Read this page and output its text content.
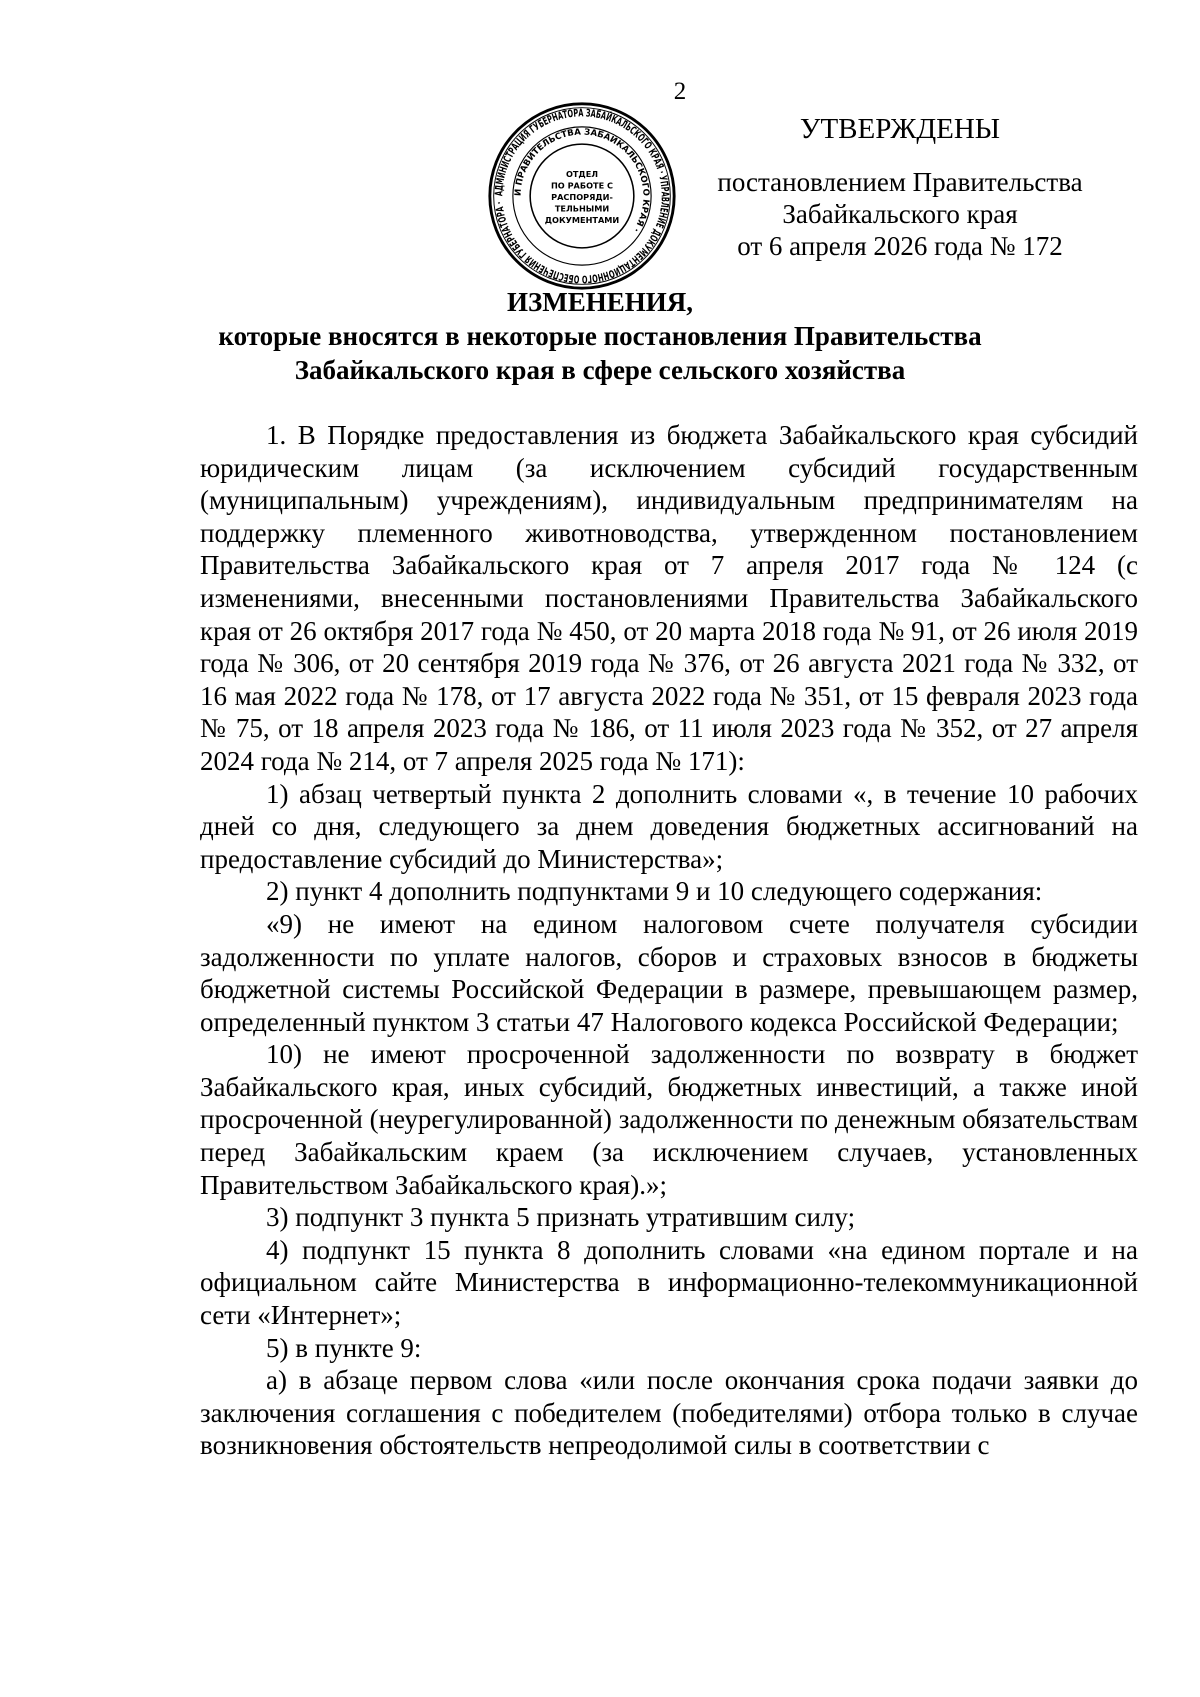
2
АДМИНИСТРАЦИЯ ГУБЕРНАТОРА ЗАБАЙКАЛЬСКОГО КРАЯ · УПРАВЛЕНИЕ ДОКУМЕНТАЦИОННОГО ОБЕСПЕЧЕНИЯ ГУБЕРНАТОРА ·
И ПРАВИТЕЛЬСТВА ЗАБАЙКАЛЬСКОГО КРАЯ ·
ОТДЕЛ
ПО РАБОТЕ С
РАСПОРЯДИ-
ТЕЛЬНЫМИ
ДОКУМЕНТАМИ
УТВЕРЖДЕНЫ
постановлением Правительства
Забайкальского края
от 6 апреля 2026 года № 172
ИЗМЕНЕНИЯ,
которые вносятся в некоторые постановления Правительства
Забайкальского края в сфере сельского хозяйства

1. В Порядке предоставления из бюджета Забайкальского края субсидий юридическим лицам (за исключением субсидий государственным (муниципальным) учреждениям), индивидуальным предпринимателям на поддержку племенного животноводства, утвержденном постановлением Правительства Забайкальского края от 7 апреля 2017 года № 124 (с изменениями, внесенными постановлениями Правительства Забайкальского края от 26 октября 2017 года № 450, от 20 марта 2018 года № 91, от 26 июля 2019 года № 306, от 20 сентября 2019 года № 376, от 26 августа 2021 года № 332, от 16 мая 2022 года № 178, от 17 августа 2022 года № 351, от 15 февраля 2023 года № 75, от 18 апреля 2023 года № 186, от 11 июля 2023 года № 352, от 27 апреля 2024 года № 214, от 7 апреля 2025 года № 171):

1) абзац четвертый пункта 2 дополнить словами «, в течение 10 рабочих дней со дня, следующего за днем доведения бюджетных ассигнований на предоставление субсидий до Министерства»;

2) пункт 4 дополнить подпунктами 9 и 10 следующего содержания:

«9) не имеют на едином налоговом счете получателя субсидии задолженности по уплате налогов, сборов и страховых взносов в бюджеты бюджетной системы Российской Федерации в размере, превышающем размер, определенный пунктом 3 статьи 47 Налогового кодекса Российской Федерации;

10) не имеют просроченной задолженности по возврату в бюджет Забайкальского края, иных субсидий, бюджетных инвестиций, а также иной просроченной (неурегулированной) задолженности по денежным обязательствам перед Забайкальским краем (за исключением случаев, установленных Правительством Забайкальского края).»;

3) подпункт 3 пункта 5 признать утратившим силу;

4) подпункт 15 пункта 8 дополнить словами «на едином портале и на официальном сайте Министерства в информационно-телекоммуникационной сети «Интернет»;

5) в пункте 9:

а) в абзаце первом слова «или после окончания срока подачи заявки до заключения соглашения с победителем (победителями) отбора только в случае возникновения обстоятельств непреодолимой силы в соответствии с
